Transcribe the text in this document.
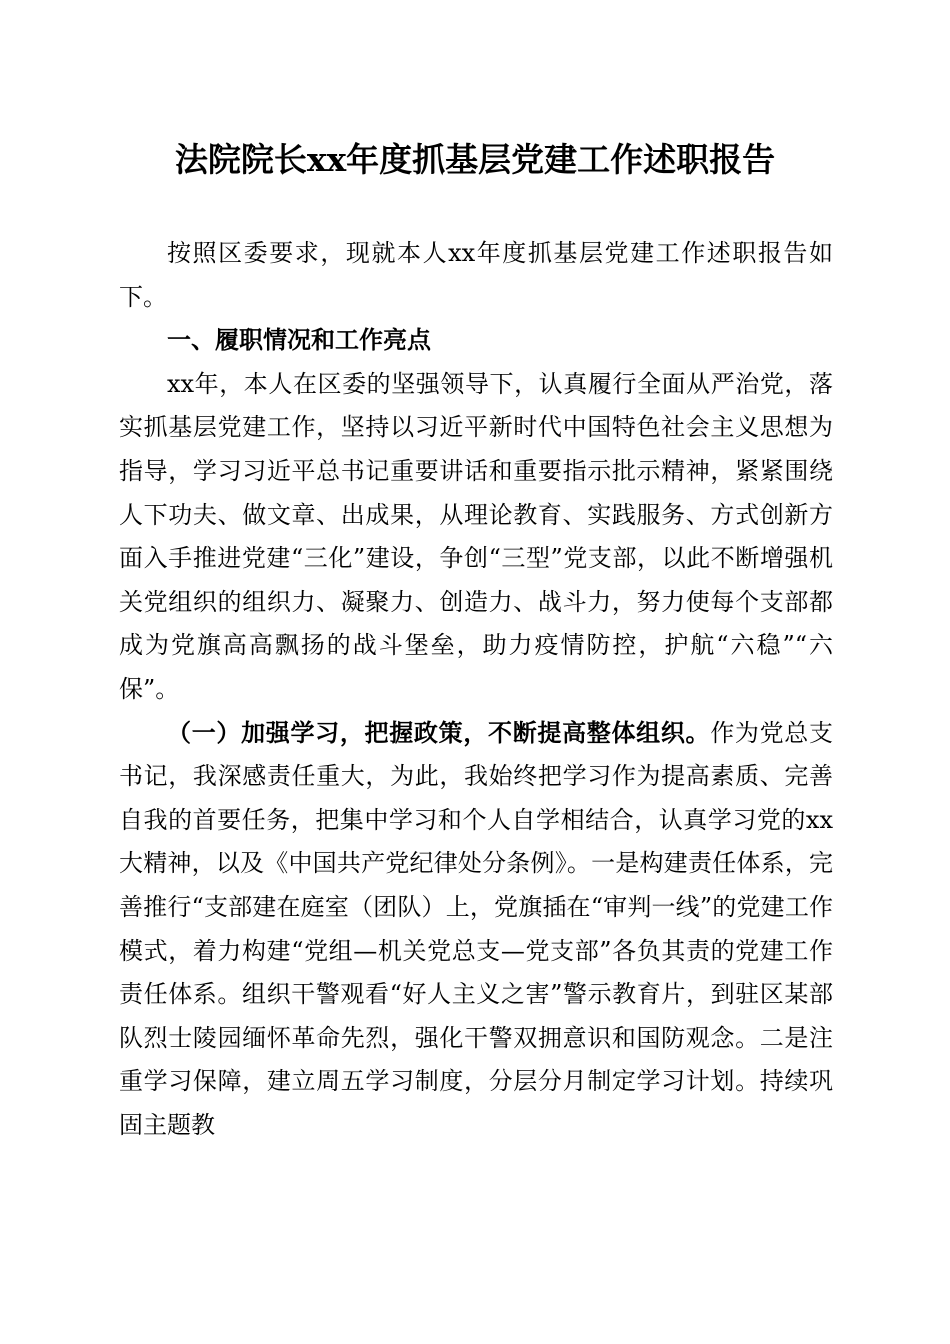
法院院长xx年度抓基层党建工作述职报告

按照区委要求，现就本人xx年度抓基层党建工作述职报告如下。

一、履职情况和工作亮点

xx年，本人在区委的坚强领导下，认真履行全面从严治党，落实抓基层党建工作，坚持以习近平新时代中国特色社会主义思想为指导，学习习近平总书记重要讲话和重要指示批示精神，紧紧围绕人下功夫、做文章、出成果，从理论教育、实践服务、方式创新方面入手推进党建“三化”建设，争创“三型”党支部，以此不断增强机关党组织的组织力、凝聚力、创造力、战斗力，努力使每个支部都成为党旗高高飘扬的战斗堡垒，助力疫情防控，护航“六稳”“六保”。

（一）加强学习，把握政策，不断提高整体组织。作为党总支书记，我深感责任重大，为此，我始终把学习作为提高素质、完善自我的首要任务，把集中学习和个人自学相结合，认真学习党的xx大精神，以及《中国共产党纪律处分条例》。一是构建责任体系，完善推行“支部建在庭室（团队）上，党旗插在“审判一线”的党建工作模式，着力构建“党组—机关党总支—党支部”各负其责的党建工作责任体系。组织干警观看“好人主义之害”警示教育片，到驻区某部队烈士陵园缅怀革命先烈，强化干警双拥意识和国防观念。二是注重学习保障，建立周五学习制度，分层分月制定学习计划。持续巩固主题教
